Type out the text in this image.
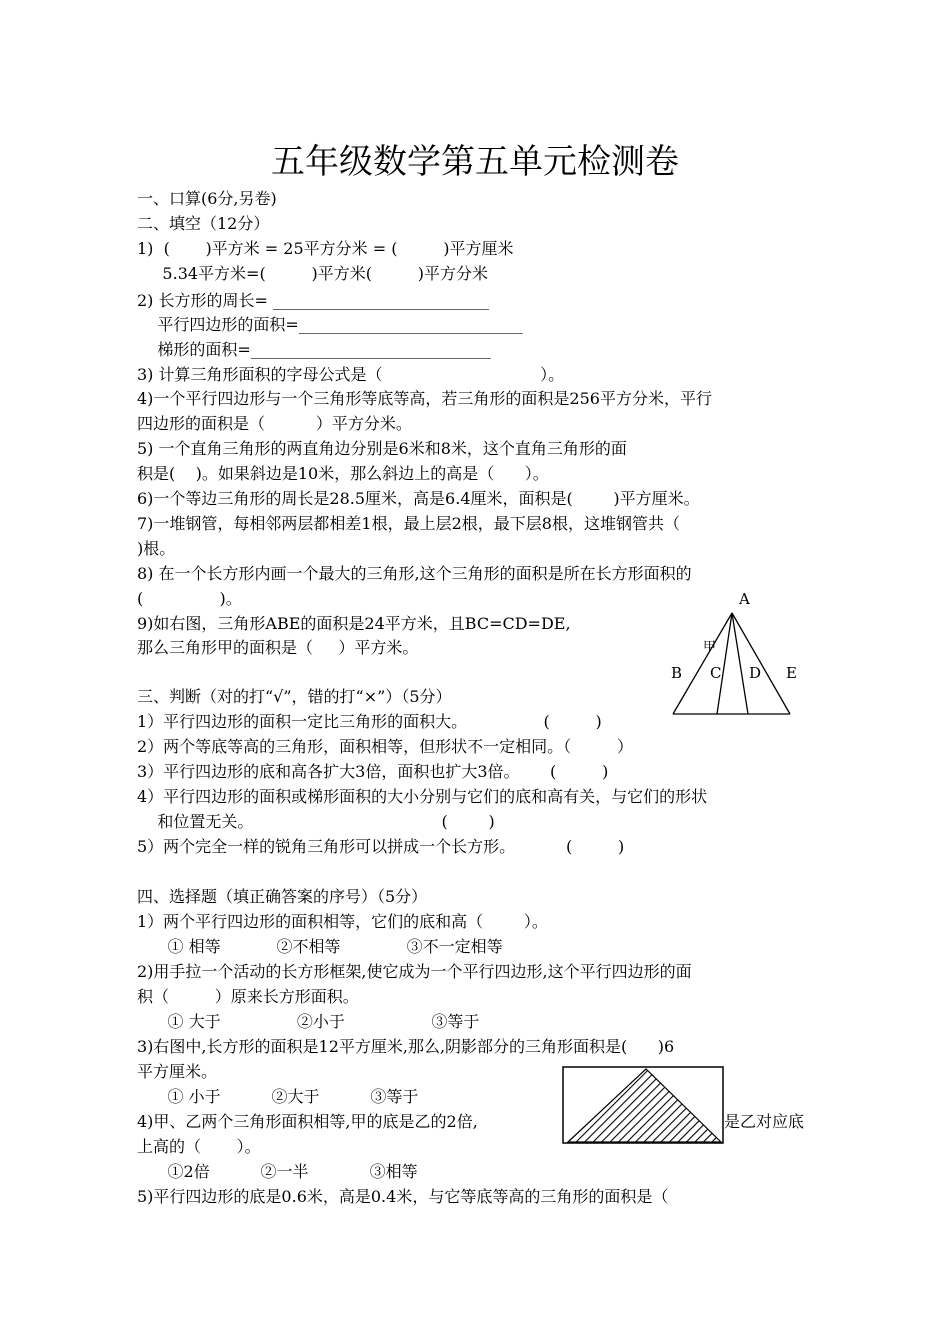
五年级数学第五单元检测卷
一、口算(6分,另卷)
二、填空（12分）
1)  (       )平方米 = 25平方分米 = (         )平方厘米
5.34平方米=(         )平方米(         )平方分米
2) 长方形的周长= ___________________________
平行四边形的面积=____________________________
梯形的面积=______________________________
3) 计算三角形面积的字母公式是（                               ）。
4)一个平行四边形与一个三角形等底等高，若三角形的面积是256平方分米，平行
四边形的面积是（          ）平方分米。
5) 一个直角三角形的两直角边分别是6米和8米，这个直角三角形的面
积是(    )。如果斜边是10米，那么斜边上的高是（      ）。
6)一个等边三角形的周长是28.5厘米，高是6.4厘米，面积是(        )平方厘米。
7)一堆钢管，每相邻两层都相差1根，最上层2根，最下层8根，这堆钢管共（
)根。
8) 在一个长方形内画一个最大的三角形,这个三角形的面积是所在长方形面积的
(               )。
9)如右图，三角形ABE的面积是24平方米，且BC=CD=DE,
那么三角形甲的面积是（     ）平方米。
三、判断（对的打“√”，错的打“×”）（5分）
1）平行四边形的面积一定比三角形的面积大。               (         )
2）两个等底等高的三角形，面积相等，但形状不一定相同。（         ）
3）平行四边形的底和高各扩大3倍，面积也扩大3倍。      (         )
4）平行四边形的面积或梯形面积的大小分别与它们的底和高有关，与它们的形状
和位置无关。                                     (        )
5）两个完全一样的锐角三角形可以拼成一个长方形。          (         )
四、选择题（填正确答案的序号）（5分）
1）两个平行四边形的面积相等，它们的底和高（        ）。
① 相等           ②不相等             ③不一定相等
2)用手拉一个活动的长方形框架,使它成为一个平行四边形,这个平行四边形的面
积（         ）原来长方形面积。
① 大于               ②小于                 ③等于
3)右图中,长方形的面积是12平方厘米,那么,阴影部分的三角形面积是(      )6
平方厘米。
① 小于          ②大于          ③等于
4)甲、乙两个三角形面积相等,甲的底是乙的2倍,	是乙对应底
上高的（       ）。
①2倍          ②一半            ③相等
5)平行四边形的底是0.6米，高是0.4米，与它等底等高的三角形的面积是（
A
甲
B C D E
